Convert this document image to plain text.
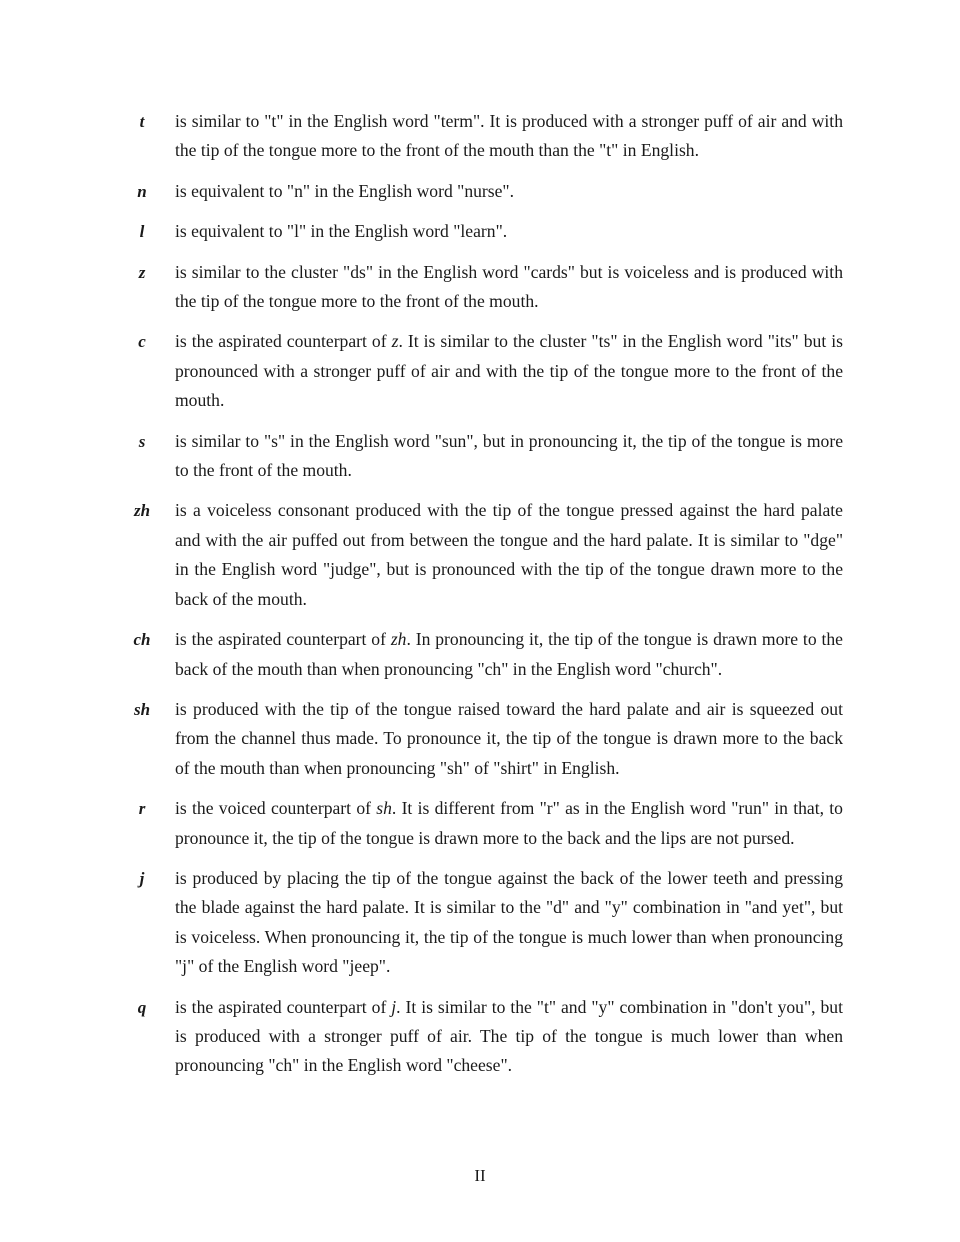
t	is similar to "t" in the English word "term". It is produced with a stronger puff of air and with the tip of the tongue more to the front of the mouth than the "t" in English.
n	is equivalent to "n" in the English word "nurse".
l	is equivalent to "l" in the English word "learn".
z	is similar to the cluster "ds" in the English word "cards" but is voiceless and is produced with the tip of the tongue more to the front of the mouth.
c	is the aspirated counterpart of z. It is similar to the cluster "ts" in the English word "its" but is pronounced with a stronger puff of air and with the tip of the tongue more to the front of the mouth.
s	is similar to "s" in the English word "sun", but in pronouncing it, the tip of the tongue is more to the front of the mouth.
zh	is a voiceless consonant produced with the tip of the tongue pressed against the hard palate and with the air puffed out from between the tongue and the hard palate. It is similar to "dge" in the English word "judge", but is pronounced with the tip of the tongue drawn more to the back of the mouth.
ch	is the aspirated counterpart of zh. In pronouncing it, the tip of the tongue is drawn more to the back of the mouth than when pronouncing "ch" in the English word "church".
sh	is produced with the tip of the tongue raised toward the hard palate and air is squeezed out from the channel thus made. To pronounce it, the tip of the tongue is drawn more to the back of the mouth than when pronouncing "sh" of "shirt" in English.
r	is the voiced counterpart of sh. It is different from "r" as in the English word "run" in that, to pronounce it, the tip of the tongue is drawn more to the back and the lips are not pursed.
j	is produced by placing the tip of the tongue against the back of the lower teeth and pressing the blade against the hard palate. It is similar to the "d" and "y" combination in "and yet", but is voiceless. When pronouncing it, the tip of the tongue is much lower than when pronouncing "j" of the English word "jeep".
q	is the aspirated counterpart of j. It is similar to the "t" and "y" combination in "don't you", but is produced with a stronger puff of air. The tip of the tongue is much lower than when pronouncing "ch" in the English word "cheese".
II
